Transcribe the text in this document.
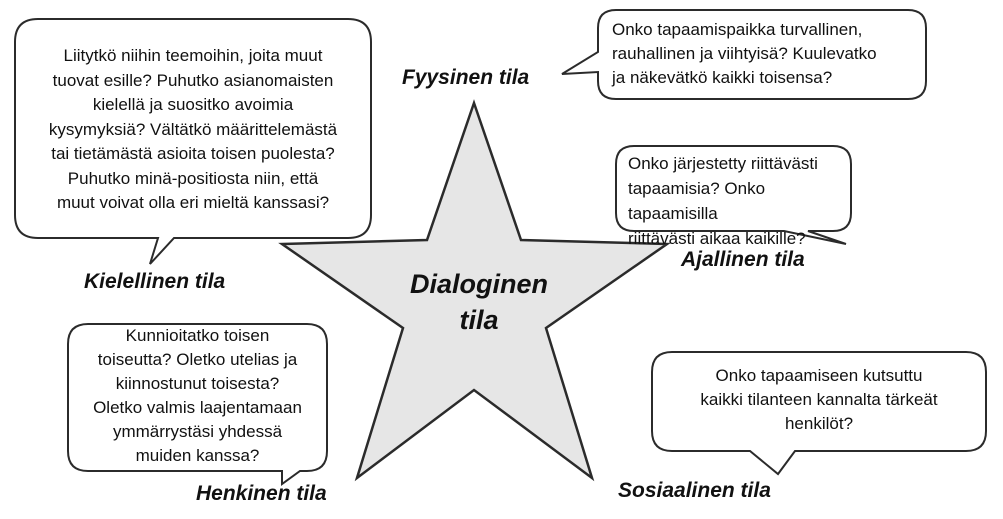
Liitytkö niihin teemoihin, joita muut
tuovat esille? Puhutko asianomaisten
kielellä ja suositko avoimia
kysymyksiä? Vältätkö määrittelemästä
tai tietämästä asioita toisen puolesta?
Puhutko minä-positiosta niin, että
muut voivat olla eri mieltä kanssasi?
Onko tapaamispaikka turvallinen,
rauhallinen ja viihtyisä? Kuulevatko
ja näkevätkö kaikki toisensa?
Onko järjestetty riittävästi
tapaamisia? Onko tapaamisilla
riittävästi aikaa kaikille?
Kunnioitatko toisen
toiseutta? Oletko utelias ja
kiinnostunut toisesta?
Oletko valmis laajentamaan
ymmärrystäsi yhdessä
muiden kanssa?
Onko tapaamiseen kutsuttu
kaikki tilanteen kannalta tärkeät
henkilöt?
Fyysinen tila
Kielellinen tila
Ajallinen tila
Henkinen tila	Sosiaalinen tila
Dialoginen
tila
